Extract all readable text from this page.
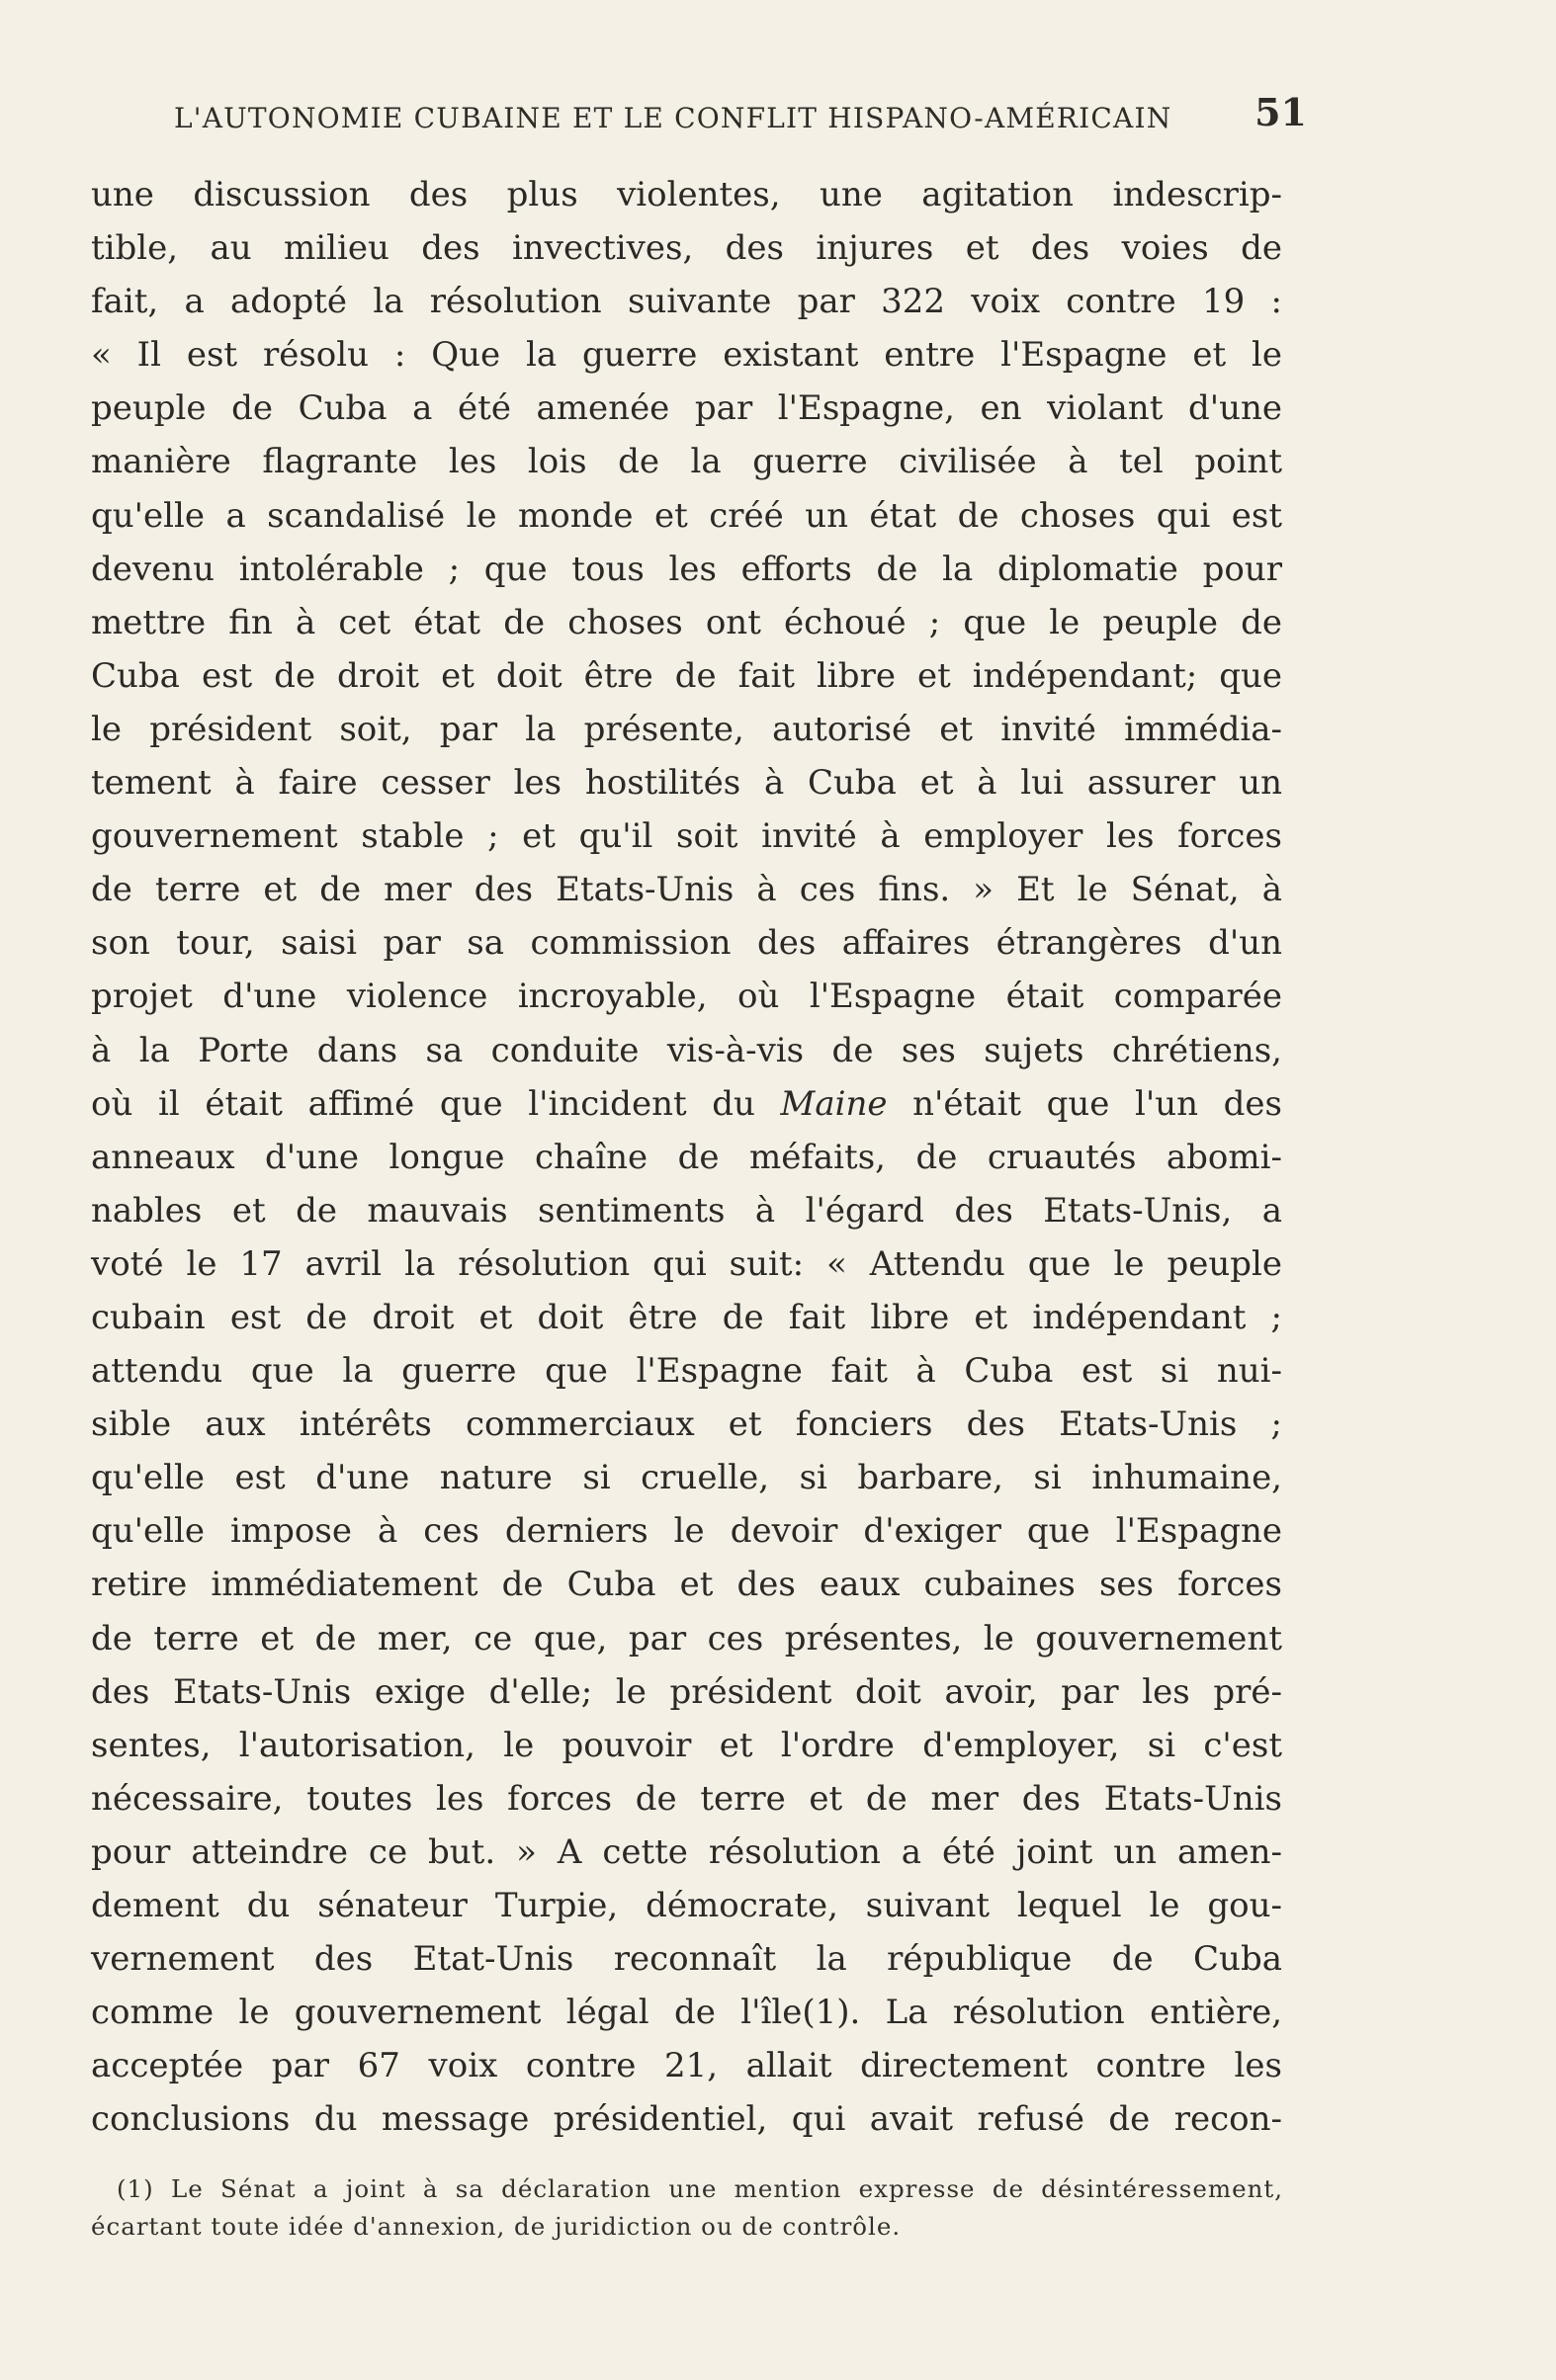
L'AUTONOMIE CUBAINE ET LE CONFLIT HISPANO-AMÉRICAIN 51
une discussion des plus violentes, une agitation indescrip-
tible, au milieu des invectives, des injures et des voies de
fait, a adopté la résolution suivante par 322 voix contre 19 :
« Il est résolu : Que la guerre existant entre l'Espagne et le
peuple de Cuba a été amenée par l'Espagne, en violant d'une
manière flagrante les lois de la guerre civilisée à tel point
qu'elle a scandalisé le monde et créé un état de choses qui est
devenu intolérable ; que tous les efforts de la diplomatie pour
mettre fin à cet état de choses ont échoué ; que le peuple de
Cuba est de droit et doit être de fait libre et indépendant; que
le président soit, par la présente, autorisé et invité immédia-
tement à faire cesser les hostilités à Cuba et à lui assurer un
gouvernement stable ; et qu'il soit invité à employer les forces
de terre et de mer des Etats-Unis à ces fins. » Et le Sénat, à
son tour, saisi par sa commission des affaires étrangères d'un
projet d'une violence incroyable, où l'Espagne était comparée
à la Porte dans sa conduite vis-à-vis de ses sujets chrétiens,
où il était affimé que l'incident du Maine n'était que l'un des
anneaux d'une longue chaîne de méfaits, de cruautés abomi-
nables et de mauvais sentiments à l'égard des Etats-Unis, a
voté le 17 avril la résolution qui suit: « Attendu que le peuple
cubain est de droit et doit être de fait libre et indépendant ;
attendu que la guerre que l'Espagne fait à Cuba est si nui-
sible aux intérêts commerciaux et fonciers des Etats-Unis ;
qu'elle est d'une nature si cruelle, si barbare, si inhumaine,
qu'elle impose à ces derniers le devoir d'exiger que l'Espagne
retire immédiatement de Cuba et des eaux cubaines ses forces
de terre et de mer, ce que, par ces présentes, le gouvernement
des Etats-Unis exige d'elle; le président doit avoir, par les pré-
sentes, l'autorisation, le pouvoir et l'ordre d'employer, si c'est
nécessaire, toutes les forces de terre et de mer des Etats-Unis
pour atteindre ce but. » A cette résolution a été joint un amen-
dement du sénateur Turpie, démocrate, suivant lequel le gou-
vernement des Etat-Unis reconnaît la république de Cuba
comme le gouvernement légal de l'île(1). La résolution entière,
acceptée par 67 voix contre 21, allait directement contre les
conclusions du message présidentiel, qui avait refusé de recon-
(1) Le Sénat a joint à sa déclaration une mention expresse de désintéressement,
écartant toute idée d'annexion, de juridiction ou de contrôle.
